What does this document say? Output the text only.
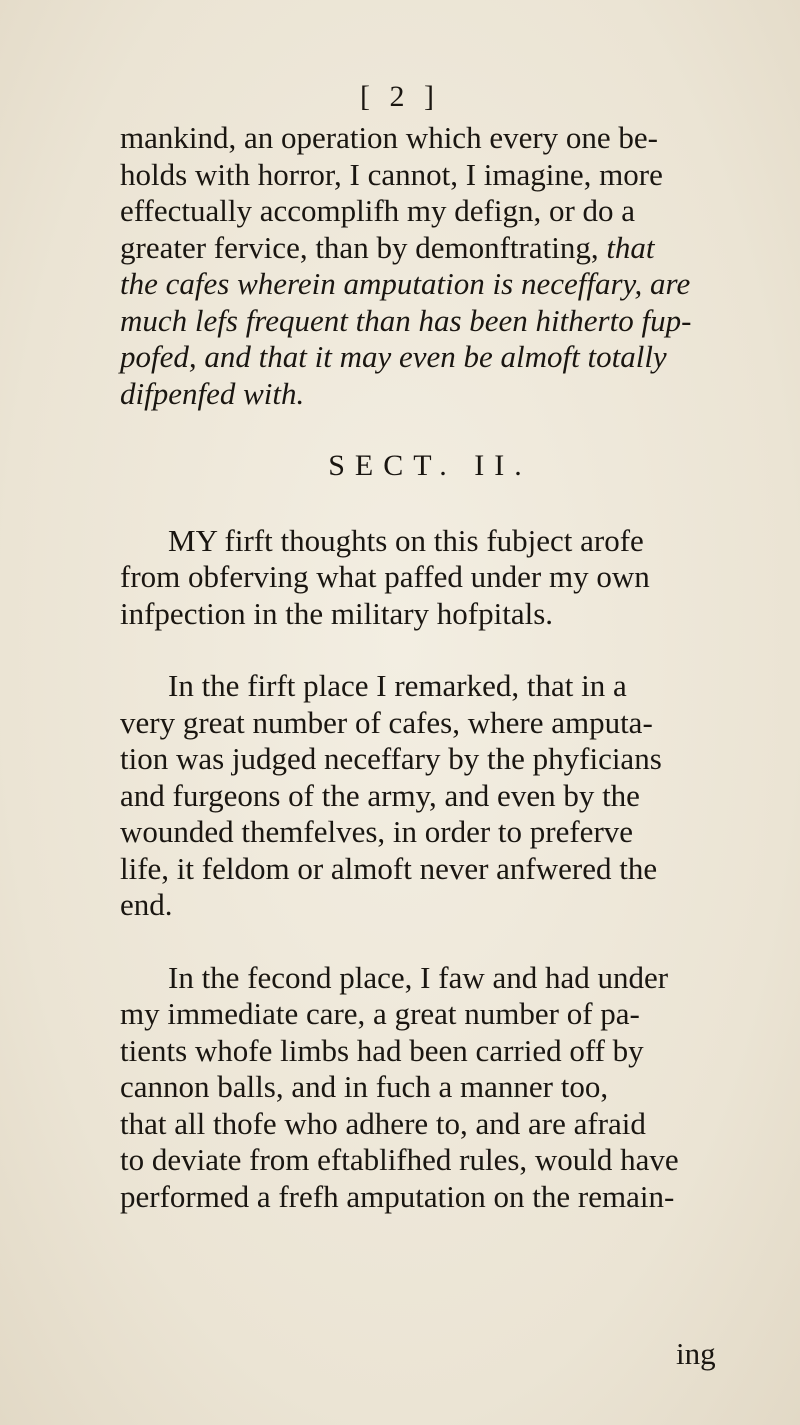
[ 2 ]

mankind, an operation which every one be-

holds with horror, I cannot, I imagine, more

effectually accomplifh my defign, or do a

greater fervice, than by demonftrating, that

the cafes wherein amputation is neceffary, are

much lefs frequent than has been hitherto fup-

pofed, and that it may even be almoft totally

difpenfed with.

SECT. II.

MY firft thoughts on this fubject arofe

from obferving what paffed under my own

infpection in the military hofpitals.

In the firft place I remarked, that in a

very great number of cafes, where amputa-

tion was judged neceffary by the phyficians

and furgeons of the army, and even by the

wounded themfelves, in order to preferve

life, it feldom or almoft never anfwered the

end.

In the fecond place, I faw and had under

my immediate care, a great number of pa-

tients whofe limbs had been carried off by

cannon balls, and in fuch a manner too,

that all thofe who adhere to, and are afraid

to deviate from eftablifhed rules, would have

performed a frefh amputation on the remain-

ing
